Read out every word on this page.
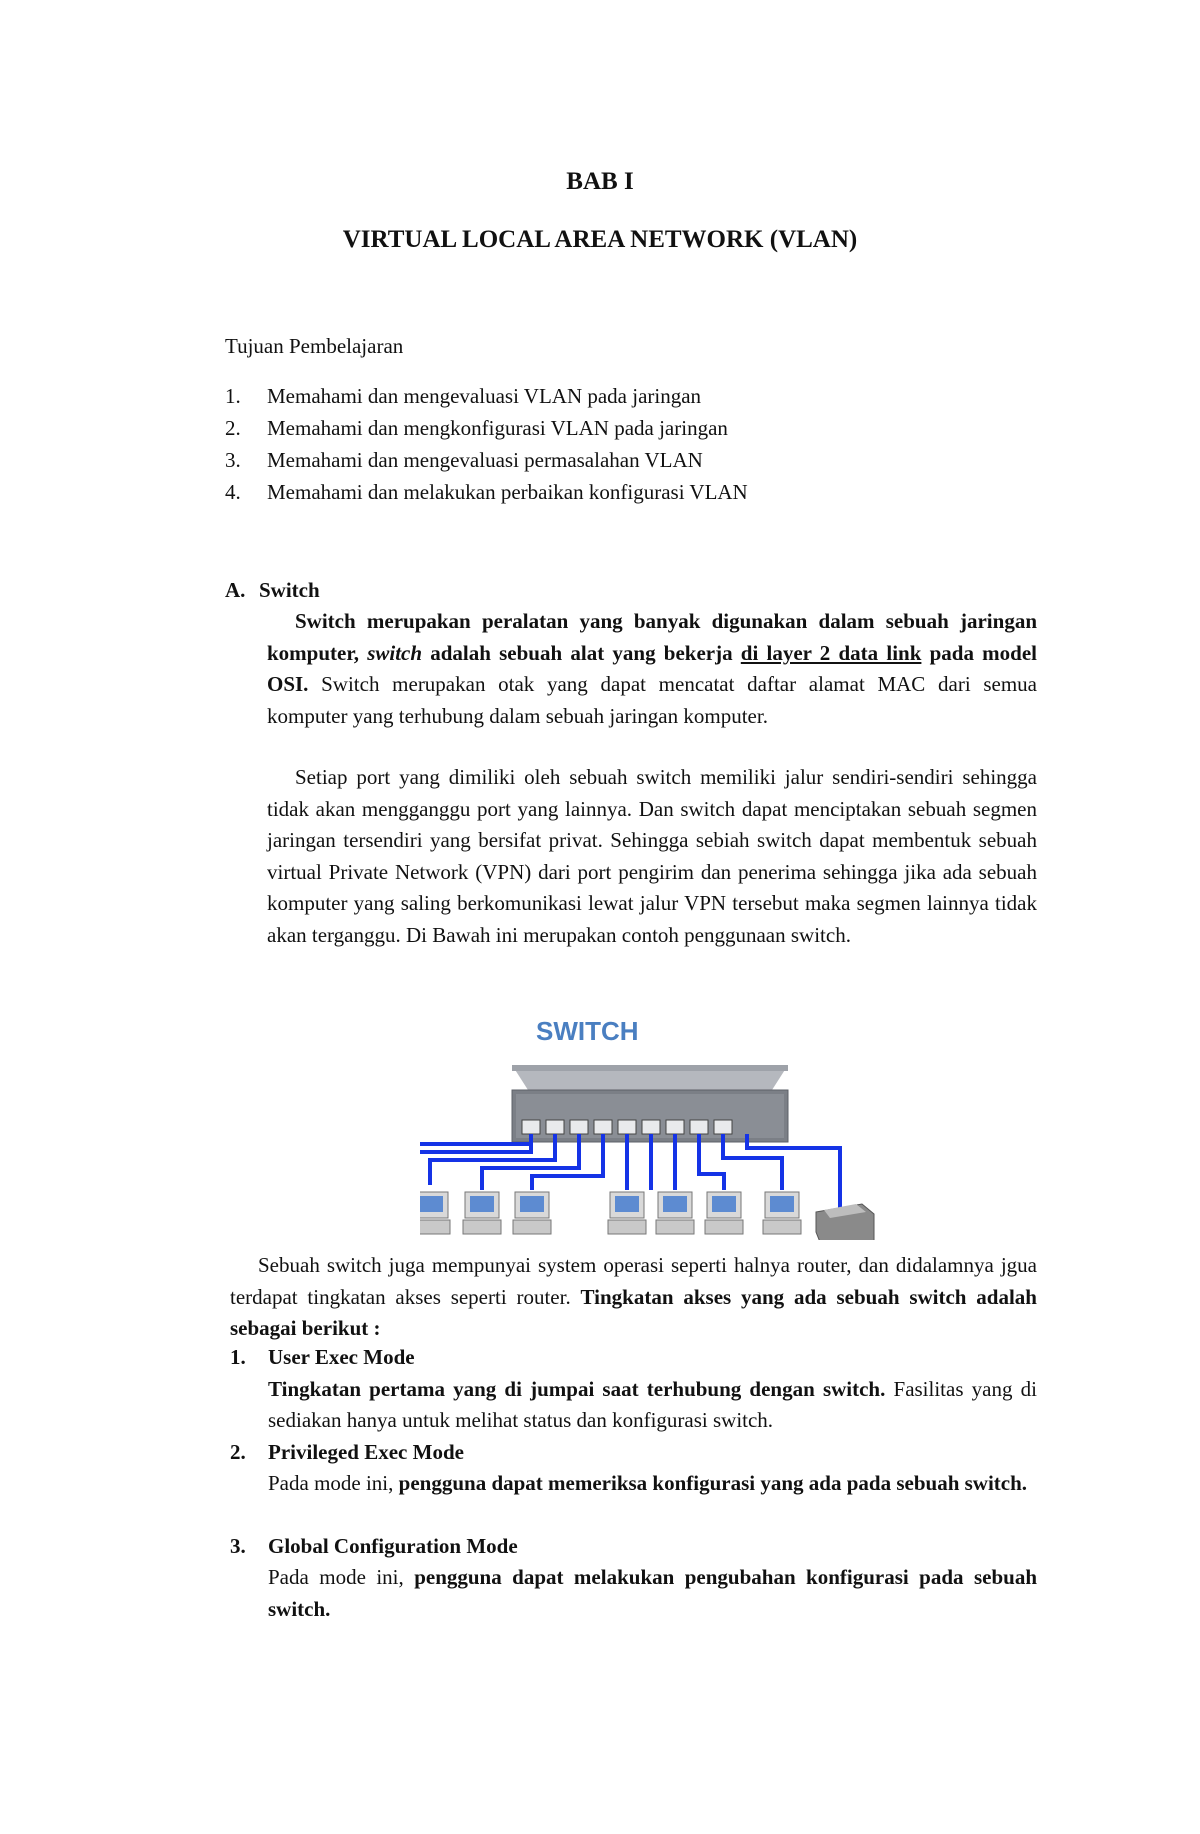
BAB I
VIRTUAL LOCAL AREA NETWORK (VLAN)
Tujuan Pembelajaran
1. Memahami dan mengevaluasi VLAN pada jaringan
2. Memahami dan mengkonfigurasi VLAN pada jaringan
3. Memahami dan mengevaluasi permasalahan VLAN
4. Memahami dan melakukan perbaikan konfigurasi VLAN
A. Switch
Switch merupakan peralatan yang banyak digunakan dalam sebuah jaringan komputer, switch adalah sebuah alat yang bekerja di layer 2 data link pada model OSI. Switch merupakan otak yang dapat mencatat daftar alamat MAC dari semua komputer yang terhubung dalam sebuah jaringan komputer.
Setiap port yang dimiliki oleh sebuah switch memiliki jalur sendiri-sendiri sehingga tidak akan mengganggu port yang lainnya. Dan switch dapat menciptakan sebuah segmen jaringan tersendiri yang bersifat privat. Sehingga sebiah switch dapat membentuk sebuah virtual Private Network (VPN) dari port pengirim dan penerima sehingga jika ada sebuah komputer yang saling berkomunikasi lewat jalur VPN tersebut maka segmen lainnya tidak akan terganggu. Di Bawah ini merupakan contoh penggunaan switch.
SWITCH
Sebuah switch juga mempunyai system operasi seperti halnya router, dan didalamnya jgua terdapat tingkatan akses seperti router. Tingkatan akses yang ada sebuah switch adalah sebagai berikut :
1. User Exec Mode
Tingkatan pertama yang di jumpai saat terhubung dengan switch. Fasilitas yang di sediakan hanya untuk melihat status dan konfigurasi switch.
2. Privileged Exec Mode
Pada mode ini, pengguna dapat memeriksa konfigurasi yang ada pada sebuah switch.
3. Global Configuration Mode
Pada mode ini, pengguna dapat melakukan pengubahan konfigurasi pada sebuah switch.
